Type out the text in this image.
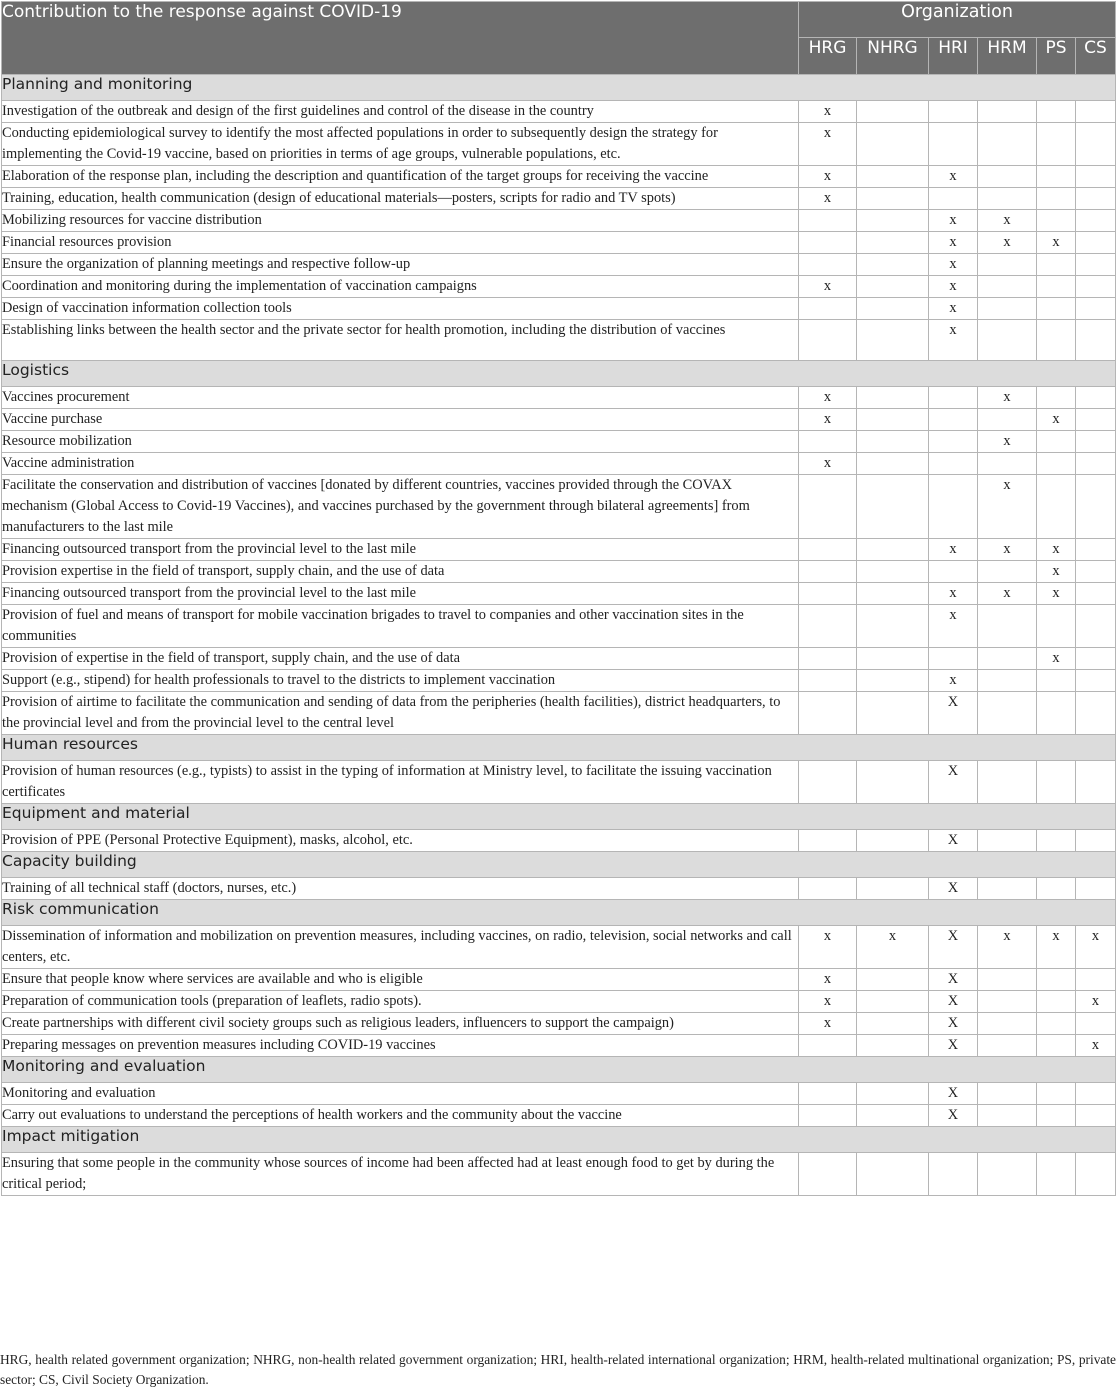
Contribution to the response against COVID-19	Organization					
	HRG	NHRG	HRI	HRM	PS	CS
Planning and monitoring						
Investigation of the outbreak and design of the first guidelines and control of the disease in the country	x					
Conducting epidemiological survey to identify the most affected populations in order to subsequently design the strategy for implementing the Covid-19 vaccine, based on priorities in terms of age groups, vulnerable populations, etc.	x					
Elaboration of the response plan, including the description and quantification of the target groups for receiving the vaccine	x		x			
Training, education, health communication (design of educational materials—posters, scripts for radio and TV spots)	x					
Mobilizing resources for vaccine distribution			x	x		
Financial resources provision			x	x	x	
Ensure the organization of planning meetings and respective follow-up			x			
Coordination and monitoring during the implementation of vaccination campaigns	x		x			
Design of vaccination information collection tools			x			
Establishing links between the health sector and the private sector for health promotion, including the distribution of vaccines			x			
Logistics						
Vaccines procurement	x			x		
Vaccine purchase	x				x	
Resource mobilization				x		
Vaccine administration	x					
Facilitate the conservation and distribution of vaccines [donated by different countries, vaccines provided through the COVAX mechanism (Global Access to Covid-19 Vaccines), and vaccines purchased by the government through bilateral agreements] from manufacturers to the last mile				x		
Financing outsourced transport from the provincial level to the last mile			x	x	x	
Provision expertise in the field of transport, supply chain, and the use of data					x	
Financing outsourced transport from the provincial level to the last mile			x	x	x	
Provision of fuel and means of transport for mobile vaccination brigades to travel to companies and other vaccination sites in the communities			x			
Provision of expertise in the field of transport, supply chain, and the use of data					x	
Support (e.g., stipend) for health professionals to travel to the districts to implement vaccination			x			
Provision of airtime to facilitate the communication and sending of data from the peripheries (health facilities), district headquarters, to the provincial level and from the provincial level to the central level			X			
Human resources						
Provision of human resources (e.g., typists) to assist in the typing of information at Ministry level, to facilitate the issuing vaccination certificates			X			
Equipment and material						
Provision of PPE (Personal Protective Equipment), masks, alcohol, etc.			X			
Capacity building						
Training of all technical staff (doctors, nurses, etc.)			X			
Risk communication						
Dissemination of information and mobilization on prevention measures, including vaccines, on radio, television, social networks and call centers, etc.	x	x	X	x	x	x
Ensure that people know where services are available and who is eligible	x		X			
Preparation of communication tools (preparation of leaflets, radio spots).	x		X			x
Create partnerships with different civil society groups such as religious leaders, influencers to support the campaign)	x		X			
Preparing messages on prevention measures including COVID-19 vaccines			X			x
Monitoring and evaluation						
Monitoring and evaluation			X			
Carry out evaluations to understand the perceptions of health workers and the community about the vaccine			X			
Impact mitigation						
Ensuring that some people in the community whose sources of income had been affected had at least enough food to get by during the critical period;						
HRG, health related government organization; NHRG, non-health related government organization; HRI, health-related international organization; HRM, health-related multinational organization; PS, private sector; CS, Civil Society Organization.
